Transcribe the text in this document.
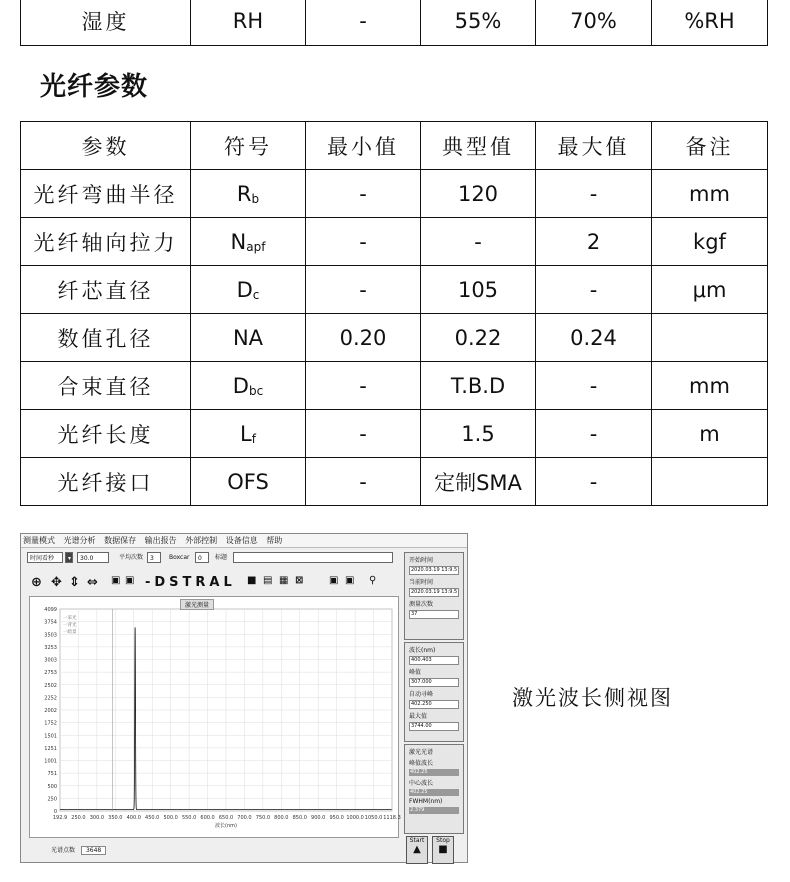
湿度	RH	-	55%	70%	%RH
光纤参数
参数	符号	最小值	典型值	最大值	备注
光纤弯曲半径	$R_b$	-	120	-	mm
光纤轴向拉力	$N_{apf}$	-	-	2	kgf
纤芯直径	$D_c$	-	105	-	μm
数值孔径	NA	0.20	0.22	0.24	
合束直径	$D_{bc}$	-	T.B.D	-	mm
光纤长度	$L_f$	-	1.5	-	m
光纤接口	OFS	-	定制SMA	-	
测量模式 光谱分析 数据保存 输出报告 外部控制 设备信息 帮助
时间看秒	▾	30.0	平均次数	3	Boxcar	0	标题
⊕ ✥ ⇕ ⇔ ▣ ▣ -DSTRAL ■ ▤ ▦ ⊠	▣ ▣ ⚲
4099
3754
3503
3253
3003
2753
2502
2252
2002
1752
1501
1251
1001
751
500
250
0
192.9 250.0 300.0 350.0 400.0 450.0 500.0 550.0 600.0 650.0 700.0 750.0 800.0 850.0 900.0 950.0 1000.0 1050.0 1118.3
波长(nm)
一采光
一背光
一暗景
激光测量
光谱点数 3648
开始时间
2020.03.19 13:9.5
当前时间
2020.03.19 13:9.5
测量次数
37
波长(nm)
400.403
峰值
307.000
自动寻峰
402.250
最大值
3744.00
激光光谱
峰值波长
402.25
中心波长
402.25
FWHM(nm)
2.379
Start
▲
Stop
■
激光波长侧视图
